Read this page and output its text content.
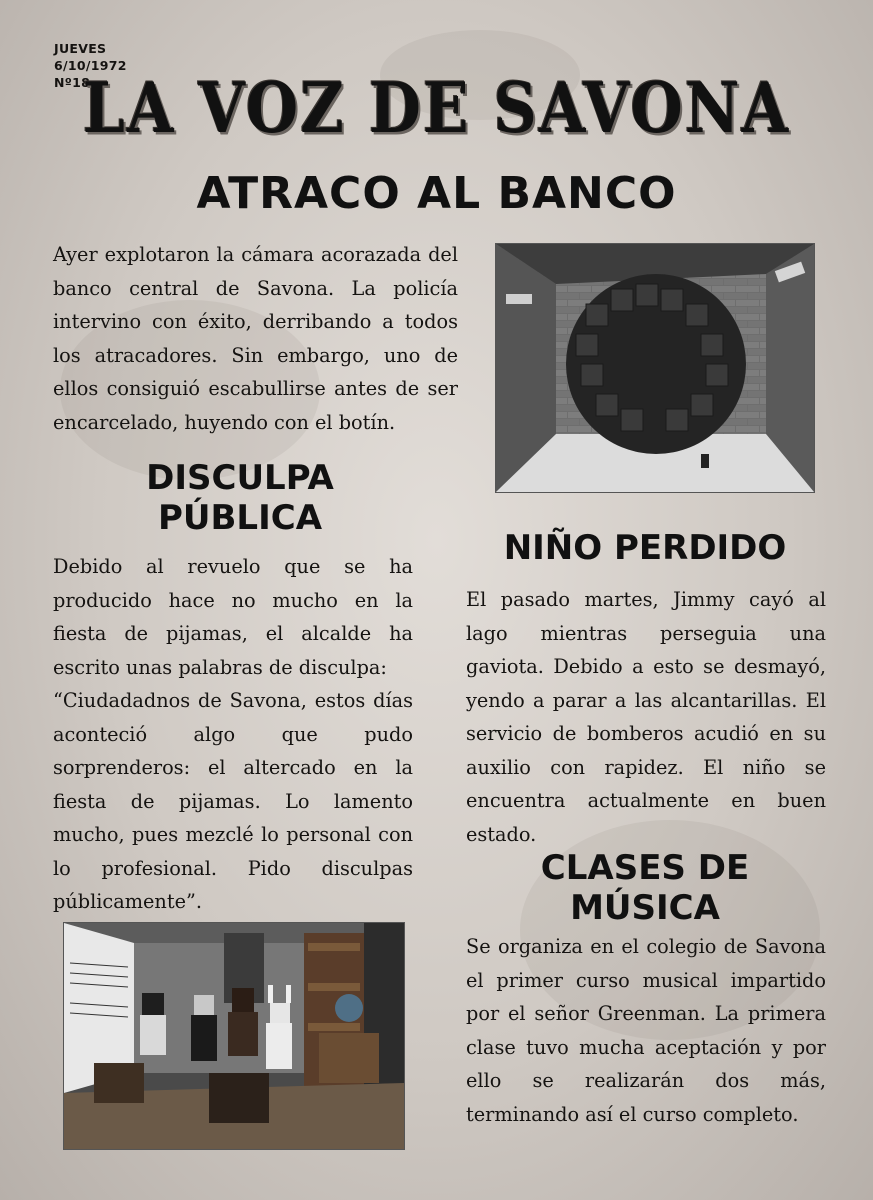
JUEVES
6/10/1972
Nº18
LA VOZ DE SAVONA
ATRACO AL BANCO

Ayer explotaron la cámara acorazada del banco central de Savona. La policía intervino con éxito, derribando a todos los atracadores. Sin embargo, uno de ellos consiguió escabullirse antes de ser encarcelado, huyendo con el botín.

DISCULPA
PÚBLICA

Debido al revuelo que se ha producido hace no mucho en la fiesta de pijamas, el alcalde ha escrito unas palabras de disculpa:

“Ciudadadnos de Savona, estos días aconteció algo que pudo sorprenderos: el altercado en la fiesta de pijamas. Lo lamento mucho, pues mezclé lo personal con lo profesional. Pido disculpas públicamente”.

NIÑO PERDIDO

El pasado martes, Jimmy cayó al lago mientras perseguia una gaviota. Debido a esto se desmayó, yendo a parar a las alcantarillas. El servicio de bomberos acudió en su auxilio con rapidez. El niño se encuentra actualmente en buen estado.

CLASES DE
MÚSICA

Se organiza en el colegio de Savona el primer curso musical impartido por el señor Greenman. La primera clase tuvo mucha aceptación y por ello se realizarán dos más, terminando así el curso completo.
